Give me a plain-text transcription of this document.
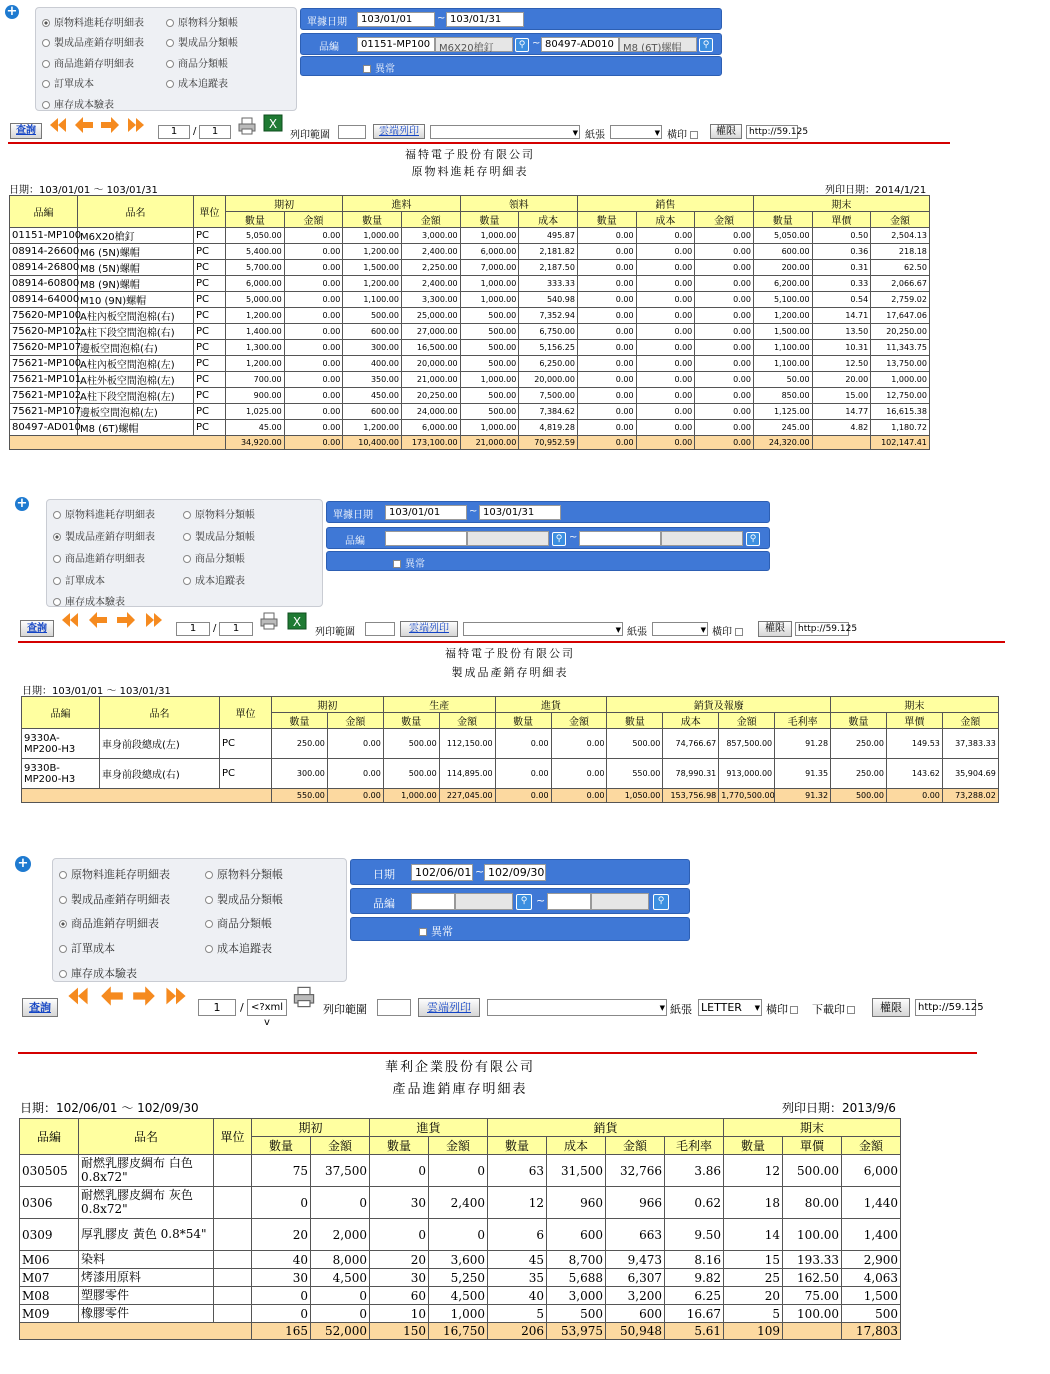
+
原物料進耗存明細表	原物料分類帳
製成品產銷存明細表	製成品分類帳
商品進銷存明細表	商品分類帳
訂單成本	成本追蹤表
庫存成本驗表
單據日期	103/01/01	~ 103/01/31
品編	01151-MP100 M6X20槍釘	⚲ ~ 80497-AD010 M8 (6T)螺帽	⚲
異常
查詢	1	/	1
X
列印範圍	雲端列印	▼ 紙張	▼ 橫印	權限	http://59.125
福特電子股份有限公司
原物料進耗存明細表
日期：103/01/01 ～ 103/01/31	列印日期：2014/1/21
品編	品名	單位	期初		進料		領料		銷售			期末		
			數量	金額	數量	金額	數量	成本	數量	成本	金額	數量	單價	金額
01151-MP100	M6X20槍釘	PC	5,050.00	0.00	1,000.00	3,000.00	1,000.00	495.87	0.00	0.00	0.00	5,050.00	0.50	2,504.13
08914-26600	M6 (5N)螺帽	PC	5,400.00	0.00	1,200.00	2,400.00	6,000.00	2,181.82	0.00	0.00	0.00	600.00	0.36	218.18
08914-26800	M8 (5N)螺帽	PC	5,700.00	0.00	1,500.00	2,250.00	7,000.00	2,187.50	0.00	0.00	0.00	200.00	0.31	62.50
08914-60800	M8 (9N)螺帽	PC	6,000.00	0.00	1,200.00	2,400.00	1,000.00	333.33	0.00	0.00	0.00	6,200.00	0.33	2,066.67
08914-64000	M10 (9N)螺帽	PC	5,000.00	0.00	1,100.00	3,300.00	1,000.00	540.98	0.00	0.00	0.00	5,100.00	0.54	2,759.02
75620-MP100	A柱內板空間泡棉(右)	PC	1,200.00	0.00	500.00	25,000.00	500.00	7,352.94	0.00	0.00	0.00	1,200.00	14.71	17,647.06
75620-MP102	A柱下段空間泡棉(右)	PC	1,400.00	0.00	600.00	27,000.00	500.00	6,750.00	0.00	0.00	0.00	1,500.00	13.50	20,250.00
75620-MP107	邊板空間泡棉(右)	PC	1,300.00	0.00	300.00	16,500.00	500.00	5,156.25	0.00	0.00	0.00	1,100.00	10.31	11,343.75
75621-MP100	A柱內板空間泡棉(左)	PC	1,200.00	0.00	400.00	20,000.00	500.00	6,250.00	0.00	0.00	0.00	1,100.00	12.50	13,750.00
75621-MP101	A柱外板空間泡棉(左)	PC	700.00	0.00	350.00	21,000.00	1,000.00	20,000.00	0.00	0.00	0.00	50.00	20.00	1,000.00
75621-MP102	A柱下段空間泡棉(左)	PC	900.00	0.00	450.00	20,250.00	500.00	7,500.00	0.00	0.00	0.00	850.00	15.00	12,750.00
75621-MP107	邊板空間泡棉(左)	PC	1,025.00	0.00	600.00	24,000.00	500.00	7,384.62	0.00	0.00	0.00	1,125.00	14.77	16,615.38
80497-AD010	M8 (6T)螺帽	PC	45.00	0.00	1,200.00	6,000.00	1,000.00	4,819.28	0.00	0.00	0.00	245.00	4.82	1,180.72
			34,920.00	0.00	10,400.00	173,100.00	21,000.00	70,952.59	0.00	0.00	0.00	24,320.00		102,147.41
+
原物料進耗存明細表	原物料分類帳
製成品產銷存明細表	製成品分類帳
商品進銷存明細表	商品分類帳
訂單成本	成本追蹤表
庫存成本驗表
單據日期	103/01/01	~ 103/01/31
品編	⚲ ~	⚲
異常
查詢	1	/	1	X
列印範圍	雲端列印	▼ 紙張	▼ 橫印	權限	http://59.125
福特電子股份有限公司
製成品產銷存明細表
日期：103/01/01 ～ 103/01/31
品編	品名	單位	期初		生產		進貨		銷貨及報廢				期末		
			數量	金額	數量	金額	數量	金額	數量	成本	金額	毛利率	數量	單價	金額
9330A-MP200-H3	車身前段總成(左)	PC	250.00	0.00	500.00	112,150.00	0.00	0.00	500.00	74,766.67	857,500.00	91.28	250.00	149.53	37,383.33
9330B-MP200-H3	車身前段總成(右)	PC	300.00	0.00	500.00	114,895.00	0.00	0.00	550.00	78,990.31	913,000.00	91.35	250.00	143.62	35,904.69
			550.00	0.00	1,000.00	227,045.00	0.00	0.00	1,050.00	153,756.98	1,770,500.00	91.32	500.00	0.00	73,288.02
+
原物料進耗存明細表	原物料分類帳
製成品產銷存明細表	製成品分類帳
商品進銷存明細表	商品分類帳
訂單成本	成本追蹤表
庫存成本驗表
日期	102/06/01 ~ 102/09/30
品編	⚲ ~	⚲
異常
查詢	1	/ <?xml v
列印範圍	雲端列印	▼ 紙張 LETTER ▼ 橫印	下載印	權限	http://59.125
華利企業股份有限公司
產品進銷庫存明細表
日期：102/06/01 ～ 102/09/30	列印日期：2013/9/6
品編	品名	單位	期初		進貨		銷貨				期末		
			數量	金額	數量	金額	數量	成本	金額	毛利率	數量	單價	金額
030505	耐燃乳膠皮綢布 白色 0.8x72"		75	37,500	0	0	63	31,500	32,766	3.86	12	500.00	6,000
0306	耐燃乳膠皮綢布 灰色 0.8x72"		0	0	30	2,400	12	960	966	0.62	18	80.00	1,440
0309	厚乳膠皮 黃色 0.8*54"		20	2,000	0	0	6	600	663	9.50	14	100.00	1,400
M06	染料		40	8,000	20	3,600	45	8,700	9,473	8.16	15	193.33	2,900
M07	烤漆用原料		30	4,500	30	5,250	35	5,688	6,307	9.82	25	162.50	4,063
M08	塑膠零件		0	0	60	4,500	40	3,000	3,200	6.25	20	75.00	1,500
M09	橡膠零件		0	0	10	1,000	5	500	600	16.67	5	100.00	500
			165	52,000	150	16,750	206	53,975	50,948	5.61	109		17,803
